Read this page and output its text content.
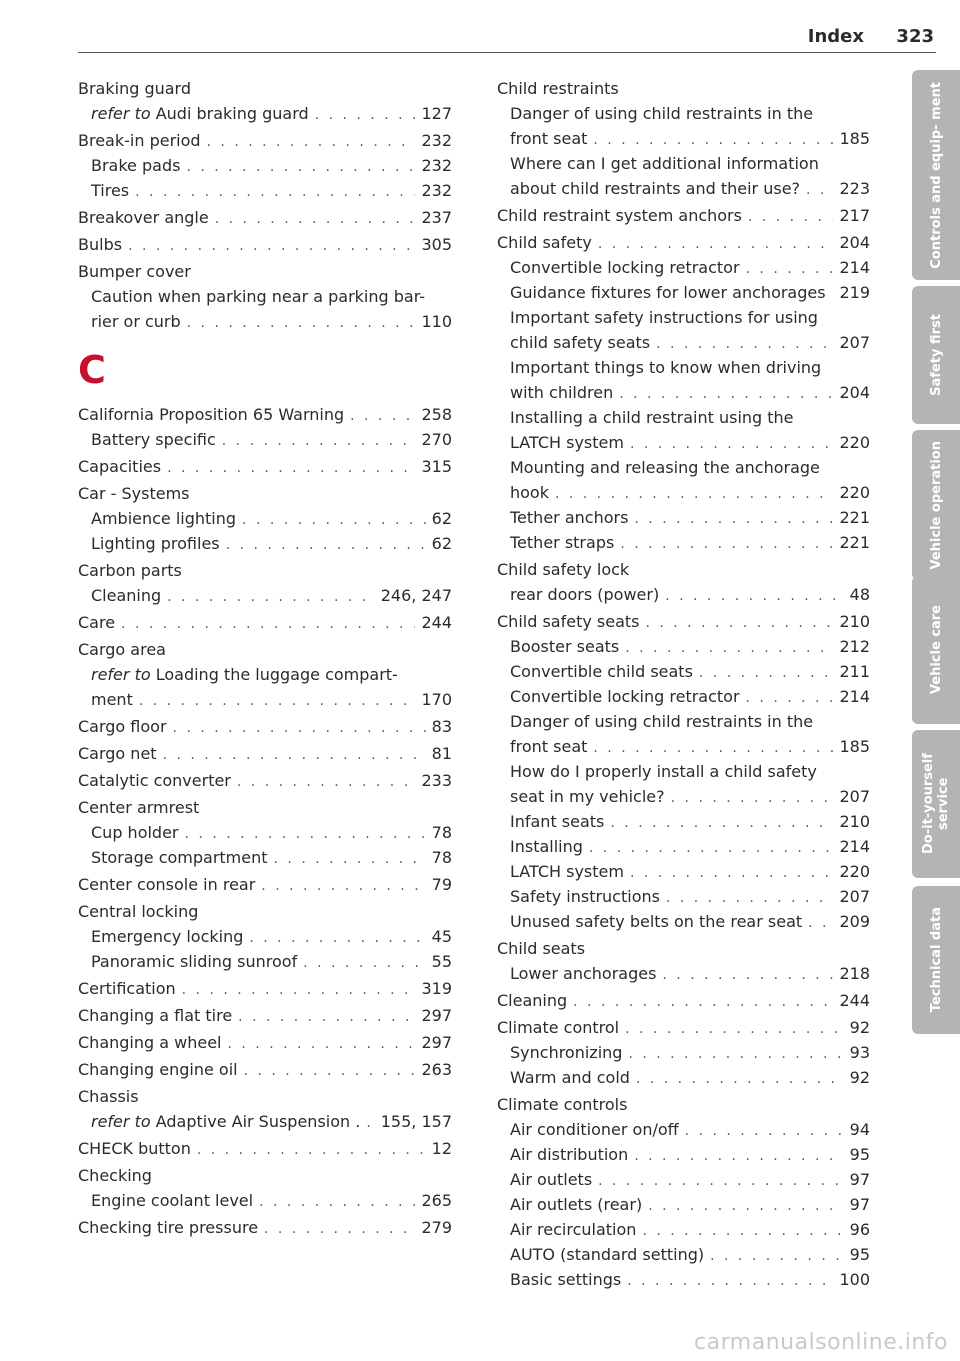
Index 323
Braking guard
refer to Audi braking guard . . .	127
Break-in period . . .	232
Brake pads . . .	232
Tires . . .	232
Breakover angle . . .	237
Bulbs . . .	305
Bumper cover
Caution when parking near a parking bar-
rier or curb . . .	110
C
California Proposition 65 Warning . . .	258
Battery specific . . .	270
Capacities . . .	315
Car - Systems
Ambience lighting . . .	62
Lighting profiles . . .	62
Carbon parts
Cleaning . . .	246, 247
Care . . .	244
Cargo area
refer to Loading the luggage compart-
ment . . .	170
Cargo floor . . .	83
Cargo net . . .	81
Catalytic converter . . .	233
Center armrest
Cup holder . . .	78
Storage compartment . . .	78
Center console in rear . . .	79
Central locking
Emergency locking . . .	45
Panoramic sliding sunroof . . .	55
Certification . . .	319
Changing a flat tire . . .	297
Changing a wheel . . .	297
Changing engine oil . . .	263
Chassis
refer to Adaptive Air Suspension . . . . 155, 157
CHECK button . . .	12
Checking
Engine coolant level . . .	265
Checking tire pressure . . .	279
Child restraints
Danger of using child restraints in the
front seat . . .	185
Where can I get additional information
about child restraints and their use? . . . 223
Child restraint system anchors . . .	217
Child safety . . .	204
Convertible locking retractor . . .	214
Guidance fixtures for lower anchorages . . . 219
Important safety instructions for using
child safety seats . . .	207
Important things to know when driving
with children . . .	204
Installing a child restraint using the
LATCH system . . .	220
Mounting and releasing the anchorage
hook . . .	220
Tether anchors . . .	221
Tether straps . . .	221
Child safety lock
rear doors (power) . . .	48
Child safety seats . . .	210
Booster seats . . .	212
Convertible child seats . . .	211
Convertible locking retractor . . .	214
Danger of using child restraints in the
front seat . . .	185
How do I properly install a child safety
seat in my vehicle? . . .	207
Infant seats . . .	210
Installing . . .	214
LATCH system . . .	220
Safety instructions . . .	207
Unused safety belts on the rear seat . . . 209
Child seats
Lower anchorages . . .	218
Cleaning . . .	244
Climate control . . .	92
Synchronizing . . .	93
Warm and cold . . .	92
Climate controls
Air conditioner on/off . . .	94
Air distribution . . .	95
Air outlets . . .	97
Air outlets (rear) . . .	97
Air recirculation . . .	96
AUTO (standard setting) . . .	95
Basic settings . . .	100
Controls and equip- ment
Safety first
Vehicle operation
Vehicle care
Do-it-yourself service
Technical data
carmanualsonline.info
